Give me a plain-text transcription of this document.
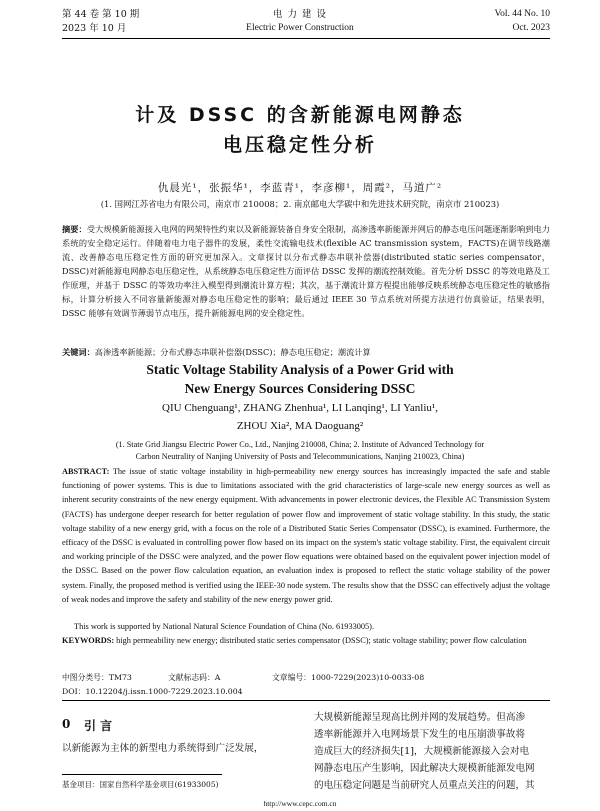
第 44 卷 第 10 期
2023 年 10 月
电 力 建 设
Electric Power Construction
Vol. 44 No. 10
Oct. 2023
计及 DSSC 的含新能源电网静态
电压稳定性分析
仇晨光¹，张振华¹，李蓝青¹，李彦柳¹，周霞²，马道广²
(1. 国网江苏省电力有限公司，南京市 210008；2. 南京邮电大学碳中和先进技术研究院，南京市 210023)
摘要：受大规模新能源接入电网的网架特性约束以及新能源装备自身安全限制，高渗透率新能源并网后的静态电压问题逐渐影响到电力系统的安全稳定运行。伴随着电力电子器件的发展，柔性交流输电技术(flexible AC transmission system，FACTS)在调节线路潮流、改善静态电压稳定性方面的研究更加深入。文章探讨以分布式静态串联补偿器(distributed static series compensator，DSSC)对新能源电网静态电压稳定性，从系统静态电压稳定性方面评估 DSSC 发挥的潮流控制效能。首先分析 DSSC 的等效电路及工作原理，并基于 DSSC 的等效功率注入模型得到潮流计算方程；其次，基于潮流计算方程提出能够反映系统静态电压稳定性的敏感指标，计算分析接入不同容量新能源对静态电压稳定性的影响；最后通过 IEEE 30 节点系统对所提方法进行仿真验证，结果表明，DSSC 能够有效调节薄弱节点电压，提升新能源电网的安全稳定性。
关键词：高渗透率新能源；分布式静态串联补偿器(DSSC)；静态电压稳定；潮流计算
Static Voltage Stability Analysis of a Power Grid with
New Energy Sources Considering DSSC
QIU Chenguang¹, ZHANG Zhenhua¹, LI Lanqing¹, LI Yanliu¹,
ZHOU Xia², MA Daoguang²
(1. State Grid Jiangsu Electric Power Co., Ltd., Nanjing 210008, China; 2. Institute of Advanced Technology for
Carbon Neutrality of Nanjing University of Posts and Telecommunications, Nanjing 210023, China)
ABSTRACT: The issue of static voltage instability in high-permeability new energy sources has increasingly impacted the safe and stable functioning of power systems. This is due to limitations associated with the grid characteristics of large-scale new energy sources as well as inherent security constraints of the new energy equipment. With advancements in power electronic devices, the Flexible AC Transmission System (FACTS) has undergone deeper research for better regulation of power flow and improvement of static voltage stability. In this study, the static voltage stability of a new energy grid, with a focus on the role of a Distributed Static Series Compensator (DSSC), is examined. Furthermore, the efficacy of the DSSC is evaluated in controlling power flow based on its impact on the system's static voltage stability. First, the equivalent circuit and working principle of the DSSC were analyzed, and the power flow equations were obtained based on the equivalent power injection model of the DSSC. Based on the power flow calculation equation, an evaluation index is proposed to reflect the static voltage stability of the power system. Finally, the proposed method is verified using the IEEE-30 node system. The results show that the DSSC can effectively adjust the voltage of weak nodes and improve the safety and stability of the new energy power grid.
This work is supported by National Natural Science Foundation of China (No. 61933005).
KEYWORDS: high permeability new energy; distributed static series compensator (DSSC); static voltage stability; power flow calculation
中图分类号：TM73	文献标志码：A	文章编号：1000-7229(2023)10-0033-08
DOI：10.12204/j.issn.1000-7229.2023.10.004
0 引 言
以新能源为主体的新型电力系统得到广泛发展，
大规模新能源呈现高比例并网的发展趋势。但高渗
透率新能源并入电网场景下发生的电压崩溃事故将
造成巨大的经济损失[1]，大规模新能源接入会对电
网静态电压产生影响，因此解决大规模新能源发电网
的电压稳定问题是当前研究人员重点关注的问题，其
基金项目：国家自然科学基金项目(61933005)
http://www.cepc.com.cn
